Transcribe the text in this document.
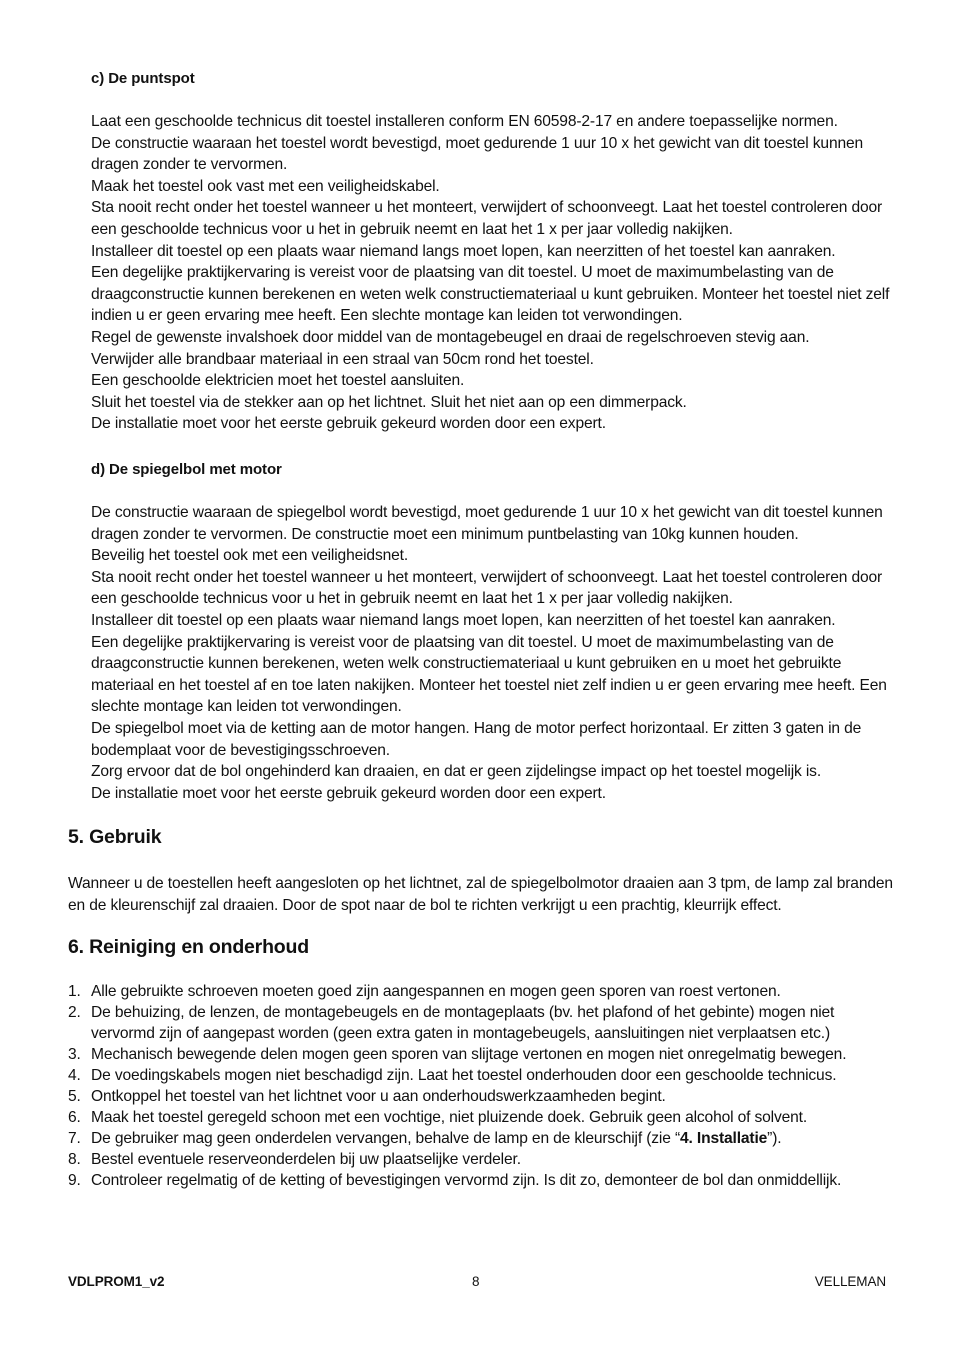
c) De puntspot

Laat een geschoolde technicus dit toestel installeren conform EN 60598-2-17 en andere toepasselijke normen.

De constructie waaraan het toestel wordt bevestigd, moet gedurende 1 uur 10 x het gewicht van dit toestel kunnen dragen zonder te vervormen.

Maak het toestel ook vast met een veiligheidskabel.

Sta nooit recht onder het toestel wanneer u het monteert, verwijdert of schoonveegt. Laat het toestel controleren door een geschoolde technicus voor u het in gebruik neemt en laat het 1 x per jaar volledig nakijken.

Installeer dit toestel op een plaats waar niemand langs moet lopen, kan neerzitten of het toestel kan aanraken.

Een degelijke praktijkervaring is vereist voor de plaatsing van dit toestel. U moet de maximumbelasting van de draagconstructie kunnen berekenen en weten welk constructiemateriaal u kunt gebruiken. Monteer het toestel niet zelf indien u er geen ervaring mee heeft. Een slechte montage kan leiden tot verwondingen.

Regel de gewenste invalshoek door middel van de montagebeugel en draai de regelschroeven stevig aan.

Verwijder alle brandbaar materiaal in een straal van 50cm rond het toestel.

Een geschoolde elektricien moet het toestel aansluiten.

Sluit het toestel via de stekker aan op het lichtnet. Sluit het niet aan op een dimmerpack.

De installatie moet voor het eerste gebruik gekeurd worden door een expert.

d) De spiegelbol met motor

De constructie waaraan de spiegelbol wordt bevestigd, moet gedurende 1 uur 10 x het gewicht van dit toestel kunnen dragen zonder te vervormen. De constructie moet een minimum puntbelasting van 10kg kunnen houden.

Beveilig het toestel ook met een veiligheidsnet.

Sta nooit recht onder het toestel wanneer u het monteert, verwijdert of schoonveegt. Laat het toestel controleren door een geschoolde technicus voor u het in gebruik neemt en laat het 1 x per jaar volledig nakijken.

Installeer dit toestel op een plaats waar niemand langs moet lopen, kan neerzitten of het toestel kan aanraken.

Een degelijke praktijkervaring is vereist voor de plaatsing van dit toestel. U moet de maximumbelasting van de draagconstructie kunnen berekenen, weten welk constructiemateriaal u kunt gebruiken en u moet het gebruikte materiaal en het toestel af en toe laten nakijken. Monteer het toestel niet zelf indien u er geen ervaring mee heeft. Een slechte montage kan leiden tot verwondingen.

De spiegelbol moet via de ketting aan de motor hangen. Hang de motor perfect horizontaal. Er zitten 3 gaten in de bodemplaat voor de bevestigingsschroeven.

Zorg ervoor dat de bol ongehinderd kan draaien, en dat er geen zijdelingse impact op het toestel mogelijk is.

De installatie moet voor het eerste gebruik gekeurd worden door een expert.

5. Gebruik

Wanneer u de toestellen heeft aangesloten op het lichtnet, zal de spiegelbolmotor draaien aan 3 tpm, de lamp zal branden en de kleurenschijf zal draaien. Door de spot naar de bol te richten verkrijgt u een prachtig, kleurrijk effect.

6. Reiniging en onderhoud
1. Alle gebruikte schroeven moeten goed zijn aangespannen en mogen geen sporen van roest vertonen.
2. De behuizing, de lenzen, de montagebeugels en de montageplaats (bv. het plafond of het gebinte) mogen niet vervormd zijn of aangepast worden (geen extra gaten in montagebeugels, aansluitingen niet verplaatsen etc.)
3. Mechanisch bewegende delen mogen geen sporen van slijtage vertonen en mogen niet onregelmatig bewegen.
4. De voedingskabels mogen niet beschadigd zijn. Laat het toestel onderhouden door een geschoolde technicus.
5. Ontkoppel het toestel van het lichtnet voor u aan onderhoudswerkzaamheden begint.
6. Maak het toestel geregeld schoon met een vochtige, niet pluizende doek. Gebruik geen alcohol of solvent.
7. De gebruiker mag geen onderdelen vervangen, behalve de lamp en de kleurschijf (zie “4. Installatie”).
8. Bestel eventuele reserveonderdelen bij uw plaatselijke verdeler.
9. Controleer regelmatig of de ketting of bevestigingen vervormd zijn. Is dit zo, demonteer de bol dan onmiddellijk.
VDLPROM1_v2	8	VELLEMAN
